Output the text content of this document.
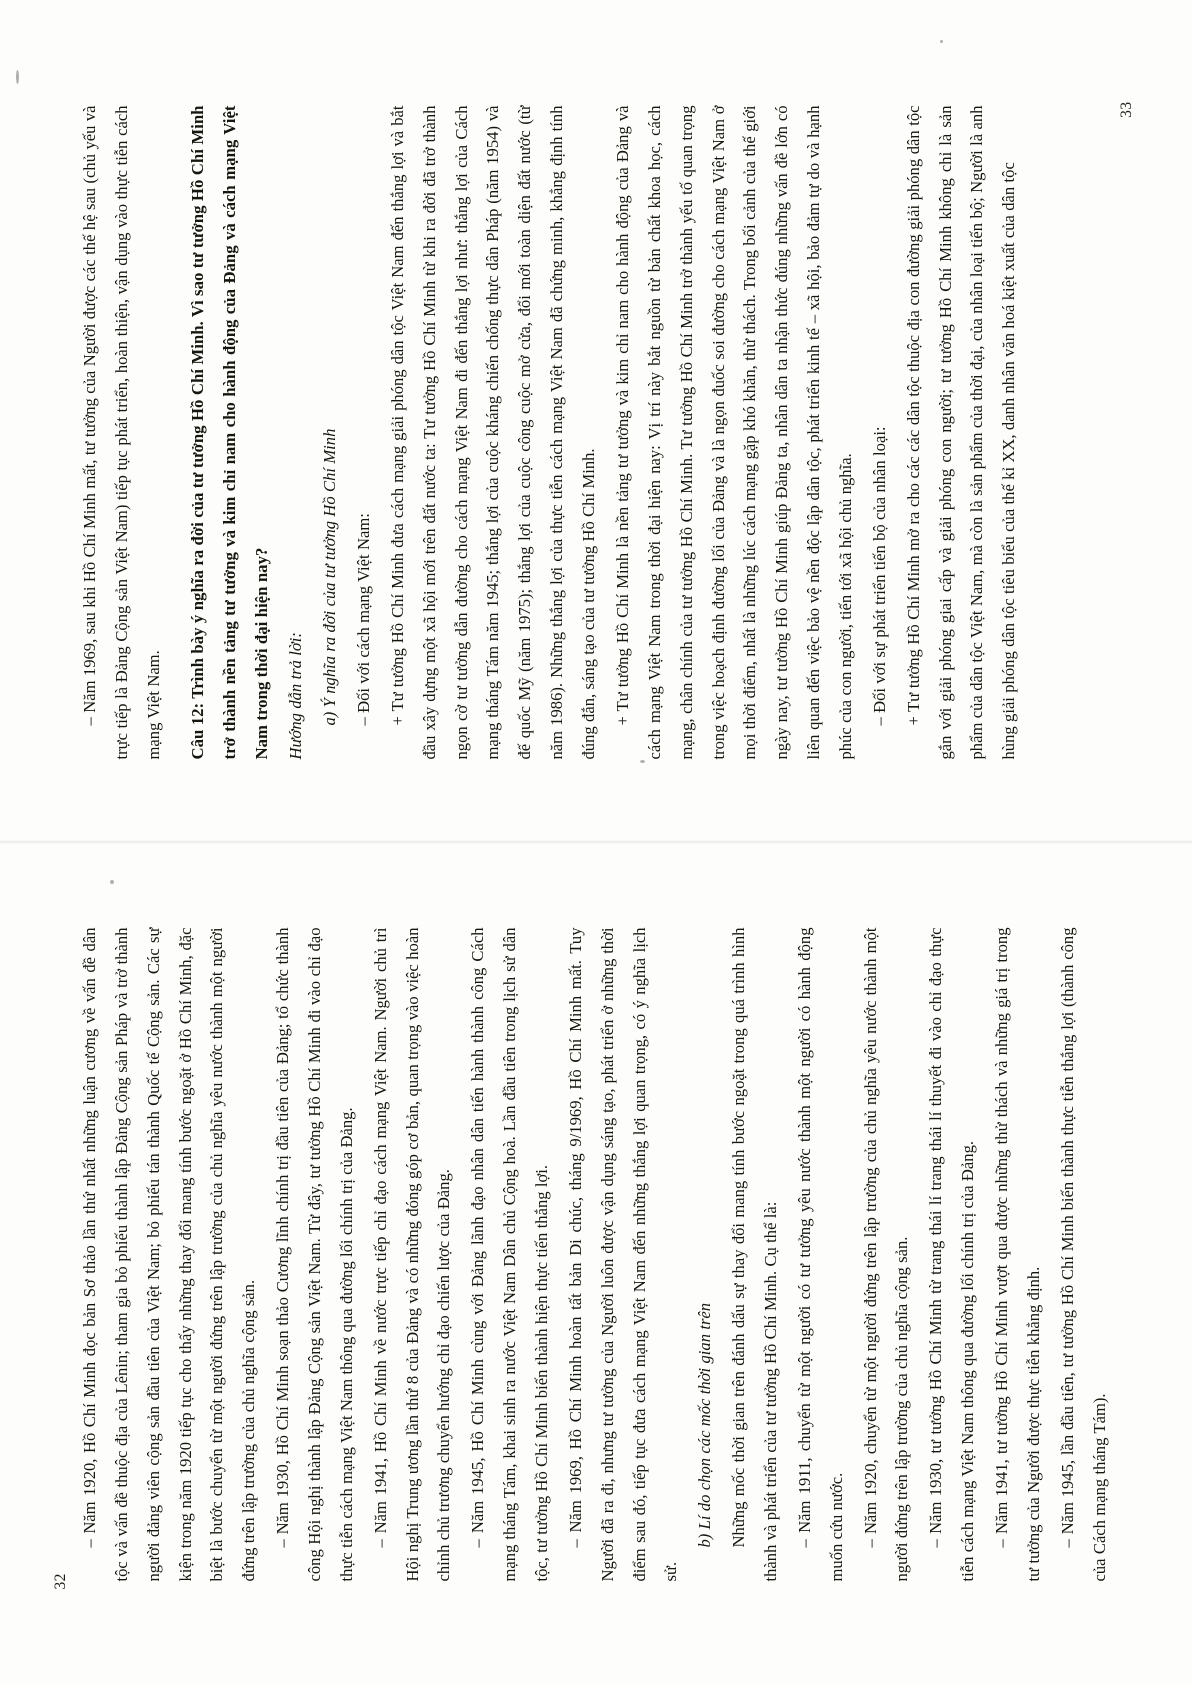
32

– Năm 1920, Hồ Chí Minh đọc bản Sơ thảo lần thứ nhất những luận cương về vấn đề dân tộc và vấn đề thuộc địa của Lênin; tham gia bỏ phiếu thành lập Đảng Cộng sản Pháp và trở thành người đảng viên cộng sản đầu tiên của Việt Nam; bỏ phiếu tán thành Quốc tế Cộng sản. Các sự kiện trong năm 1920 tiếp tục cho thấy những thay đổi mang tính bước ngoặt ở Hồ Chí Minh, đặc biệt là bước chuyển từ một người đứng trên lập trường của chủ nghĩa yêu nước thành một người đứng trên lập trường của chủ nghĩa cộng sản. – Năm 1930, Hồ Chí Minh soạn thảo Cương lĩnh chính trị đầu tiên của Đảng; tổ chức thành công Hội nghị thành lập Đảng Cộng sản Việt Nam. Từ đây, tư tưởng Hồ Chí Minh đi vào chỉ đạo thực tiễn cách mạng Việt Nam thông qua đường lối chính trị của Đảng. – Năm 1941, Hồ Chí Minh về nước trực tiếp chỉ đạo cách mạng Việt Nam. Người chủ trì Hội nghị Trung ương lần thứ 8 của Đảng và có những đóng góp cơ bản, quan trọng vào việc hoàn chỉnh chủ trương chuyển hướng chỉ đạo chiến lược của Đảng. – Năm 1945, Hồ Chí Minh cùng với Đảng lãnh đạo nhân dân tiến hành thành công Cách mạng tháng Tám, khai sinh ra nước Việt Nam Dân chủ Cộng hoà. Lần đầu tiên trong lịch sử dân tộc, tư tưởng Hồ Chí Minh biến thành hiện thực tiến thắng lợi. – Năm 1969, Hồ Chí Minh hoàn tất bản Di chúc, tháng 9/1969, Hồ Chí Minh mất. Tuy Người đã ra đi, nhưng tư tưởng của Người luôn được vận dụng sáng tạo, phát triển ở những thời điểm sau đó, tiếp tục đưa cách mạng Việt Nam đến những thắng lợi quan trọng, có ý nghĩa lịch sử.

b) Lí do chọn các mốc thời gian trên Những mốc thời gian trên đánh dấu sự thay đổi mang tính bước ngoặt trong quá trình hình thành và phát triển của tư tưởng Hồ Chí Minh. Cụ thể là: – Năm 1911, chuyển từ một người có tư tưởng yêu nước thành một người có hành động muốn cứu nước. – Năm 1920, chuyển từ một người đứng trên lập trường của chủ nghĩa yêu nước thành một người đứng trên lập trường của chủ nghĩa cộng sản. – Năm 1930, tư tưởng Hồ Chí Minh từ trang thái lí trang thái lí thuyết đi vào chỉ đạo thực tiễn cách mạng Việt Nam thông qua đường lối chính trị của Đảng. – Năm 1941, tư tưởng Hồ Chí Minh vượt qua được những thử thách và những giá trị trong tư tưởng của Người được thực tiễn khẳng định. – Năm 1945, lần đầu tiên, tư tưởng Hồ Chí Minh biến thành thực tiễn thắng lợi (thành công của Cách mạng tháng Tám).

33

– Năm 1969, sau khi Hồ Chí Minh mất, tư tưởng của Người được các thế hệ sau (chủ yếu và trực tiếp là Đảng Cộng sản Việt Nam) tiếp tục phát triển, hoàn thiện, vận dụng vào thực tiễn cách mạng Việt Nam.	Câu 12: Trình bày ý nghĩa ra đời của tư tưởng Hồ Chí Minh. Vì sao tư tưởng Hồ Chí Minh trở thành nền tảng tư tưởng và kim chỉ nam cho hành động của Đảng và cách mạng Việt Nam trong thời đại hiện nay? Hướng dẫn trả lời: a) Ý nghĩa ra đời của tư tưởng Hồ Chí Minh – Đối với cách mạng Việt Nam: + Tư tưởng Hồ Chí Minh đưa cách mạng giải phóng dân tộc Việt Nam đến thắng lợi và bắt đầu xây dựng một xã hội mới trên đất nước ta: Tư tưởng Hồ Chí Minh từ khi ra đời đã trở thành ngọn cờ tư tưởng dẫn đường cho cách mạng Việt Nam đi đến thắng lợi như: thắng lợi của Cách mạng tháng Tám năm 1945; thắng lợi của cuộc kháng chiến chống thực dân Pháp (năm 1954) và đế quốc Mỹ (năm 1975); thắng lợi của cuộc công cuộc mở cửa, đổi mới toàn diện đất nước (từ năm 1986). Những thắng lợi của thực tiễn cách mạng Việt Nam đã chứng minh, khẳng định tính đúng đắn, sáng tạo của tư tưởng Hồ Chí Minh. + Tư tưởng Hồ Chí Minh là nền tảng tư tưởng và kim chỉ nam cho hành động của Đảng và cách mạng Việt Nam trong thời đại hiện nay: Vị trí này bắt nguồn từ bản chất khoa học, cách mạng, chân chính của tư tưởng Hồ Chí Minh. Tư tưởng Hồ Chí Minh trở thành yếu tố quan trọng trong việc hoạch định đường lối của Đảng và là ngọn đuốc soi đường cho cách mạng Việt Nam ở mọi thời điểm, nhất là những lúc cách mạng gặp khó khăn, thử thách. Trong bối cảnh của thế giới ngày nay, tư tưởng Hồ Chí Minh giúp Đảng ta, nhân dân ta nhận thức đúng những vấn đề lớn có liên quan đến việc bảo vệ nền độc lập dân tộc, phát triển kinh tế – xã hội, bảo đảm tự do và hạnh phúc của con người, tiến tới xã hội chủ nghĩa. – Đối với sự phát triển tiến bộ của nhân loại: + Tư tưởng Hồ Chí Minh mở ra cho các các dân tộc thuộc địa con đường giải phóng dân tộc gắn với giải phóng giai cấp và giải phóng con người; tư tưởng Hồ Chí Minh không chỉ là sản phẩm của dân tộc Việt Nam, mà còn là sản phẩm của thời đại, của nhân loại tiến bộ; Người là anh hùng giải phóng dân tộc tiêu biểu của thế kỉ XX, danh nhân văn hoá kiệt xuất của dân tộc
